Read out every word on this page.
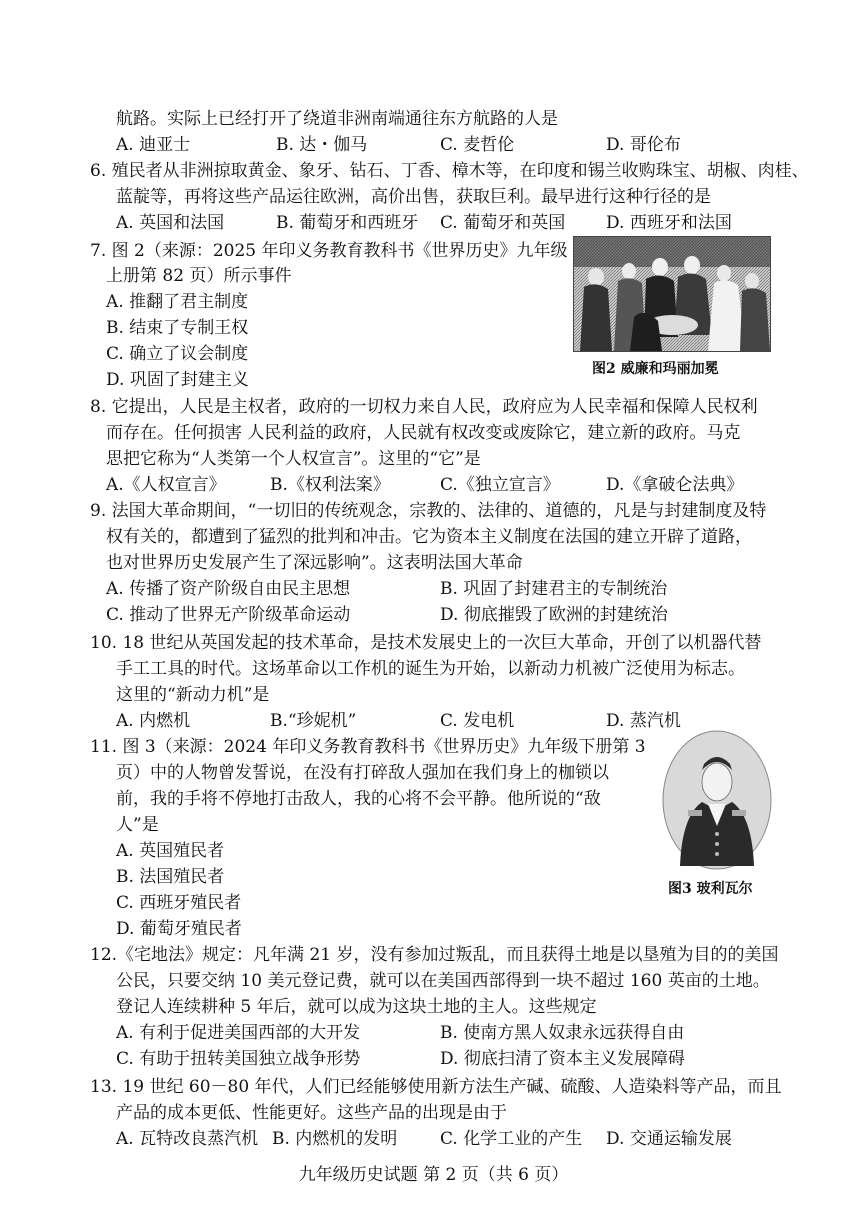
航路。实际上已经打开了绕道非洲南端通往东方航路的人是
A. 迪亚士	B. 达・伽马	C. 麦哲伦	D. 哥伦布
6. 殖民者从非洲掠取黄金、象牙、钻石、丁香、樟木等，在印度和锡兰收购珠宝、胡椒、肉桂、
蓝靛等，再将这些产品运往欧洲，高价出售，获取巨利。最早进行这种行径的是
A. 英国和法国	B. 葡萄牙和西班牙 C. 葡萄牙和英国 D. 西班牙和法国
7. 图 2（来源：2025 年印义务教育教科书《世界历史》九年级
上册第 82 页）所示事件
A. 推翻了君主制度
B. 结束了专制王权
C. 确立了议会制度
D. 巩固了封建主义
图2 威廉和玛丽加冕
8. 它提出，人民是主权者，政府的一切权力来自人民，政府应为人民幸福和保障人民权利
而存在。任何损害 人民利益的政府，人民就有权改变或废除它，建立新的政府。马克
思把它称为“人类第一个人权宣言”。这里的“它”是
A.《人权宣言》	B.《权利法案》	C.《独立宣言》	D.《拿破仑法典》
9. 法国大革命期间，“一切旧的传统观念，宗教的、法律的、道德的，凡是与封建制度及特
权有关的，都遭到了猛烈的批判和冲击。它为资本主义制度在法国的建立开辟了道路，
也对世界历史发展产生了深远影响”。这表明法国大革命
A. 传播了资产阶级自由民主思想	B. 巩固了封建君主的专制统治
C. 推动了世界无产阶级革命运动	D. 彻底摧毁了欧洲的封建统治
10. 18 世纪从英国发起的技术革命，是技术发展史上的一次巨大革命，开创了以机器代替
手工工具的时代。这场革命以工作机的诞生为开始，以新动力机被广泛使用为标志。
这里的“新动力机”是
A. 内燃机	B.“珍妮机”	C. 发电机	D. 蒸汽机
11. 图 3（来源：2024 年印义务教育教科书《世界历史》九年级下册第 3
页）中的人物曾发誓说，在没有打碎敌人强加在我们身上的枷锁以
前，我的手将不停地打击敌人，我的心将不会平静。他所说的“敌
人”是
A. 英国殖民者
B. 法国殖民者
C. 西班牙殖民者
D. 葡萄牙殖民者
图3 玻利瓦尔
12.《宅地法》规定：凡年满 21 岁，没有参加过叛乱，而且获得土地是以垦殖为目的的美国
公民，只要交纳 10 美元登记费，就可以在美国西部得到一块不超过 160 英亩的土地。
登记人连续耕种 5 年后，就可以成为这块土地的主人。这些规定
A. 有利于促进美国西部的大开发	B. 使南方黑人奴隶永远获得自由
C. 有助于扭转美国独立战争形势	D. 彻底扫清了资本主义发展障碍
13. 19 世纪 60－80 年代，人们已经能够使用新方法生产碱、硫酸、人造染料等产品，而且
产品的成本更低、性能更好。这些产品的出现是由于
A. 瓦特改良蒸汽机 B. 内燃机的发明	C. 化学工业的产生 D. 交通运输发展
九年级历史试题 第 2 页（共 6 页）
